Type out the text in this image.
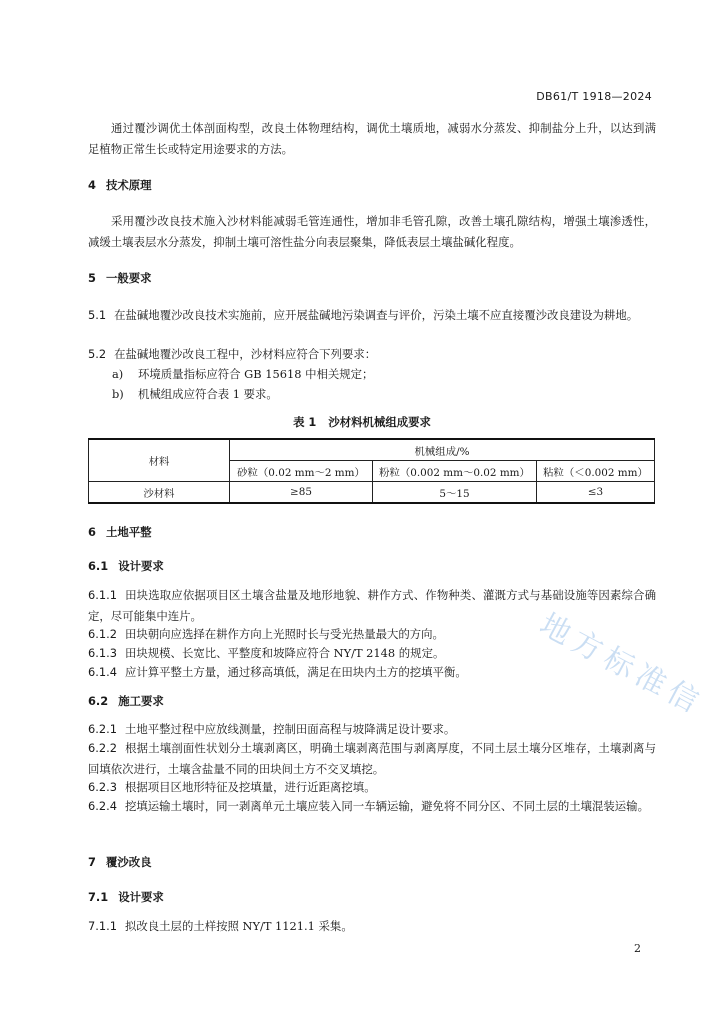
DB61/T 1918—2024
通过覆沙调优土体剖面构型，改良土体物理结构，调优土壤质地，减弱水分蒸发、抑制盐分上升，以达到满足植物正常生长或特定用途要求的方法。
4 技术原理
采用覆沙改良技术施入沙材料能减弱毛管连通性，增加非毛管孔隙，改善土壤孔隙结构，增强土壤渗透性，减缓土壤表层水分蒸发，抑制土壤可溶性盐分向表层聚集，降低表层土壤盐碱化程度。
5 一般要求
5.1 在盐碱地覆沙改良技术实施前，应开展盐碱地污染调查与评价，污染土壤不应直接覆沙改良建设为耕地。
5.2 在盐碱地覆沙改良工程中，沙材料应符合下列要求：
a) 环境质量指标应符合 GB 15618 中相关规定；
b) 机械组成应符合表 1 要求。
表 1 沙材料机械组成要求
材料	机械组成/%		
	砂粒（0.02 mm～2 mm）	粉粒（0.002 mm～0.02 mm）	粘粒（＜0.002 mm）
沙材料	≥85	5～15	≤3
6 土地平整
6.1 设计要求
6.1.1 田块选取应依据项目区土壤含盐量及地形地貌、耕作方式、作物种类、灌溉方式与基础设施等因素综合确定，尽可能集中连片。
6.1.2 田块朝向应选择在耕作方向上光照时长与受光热量最大的方向。
6.1.3 田块规模、长宽比、平整度和坡降应符合 NY/T 2148 的规定。
6.1.4 应计算平整土方量，通过移高填低，满足在田块内土方的挖填平衡。
6.2 施工要求
6.2.1 土地平整过程中应放线测量，控制田面高程与坡降满足设计要求。
6.2.2 根据土壤剖面性状划分土壤剥离区，明确土壤剥离范围与剥离厚度，不同土层土壤分区堆存，土壤剥离与回填依次进行，土壤含盐量不同的田块间土方不交叉填挖。
6.2.3 根据项目区地形特征及挖填量，进行近距离挖填。
6.2.4 挖填运输土壤时，同一剥离单元土壤应装入同一车辆运输，避免将不同分区、不同土层的土壤混装运输。
7 覆沙改良
7.1 设计要求
7.1.1 拟改良土层的土样按照 NY/T 1121.1 采集。
地方标准信
2
